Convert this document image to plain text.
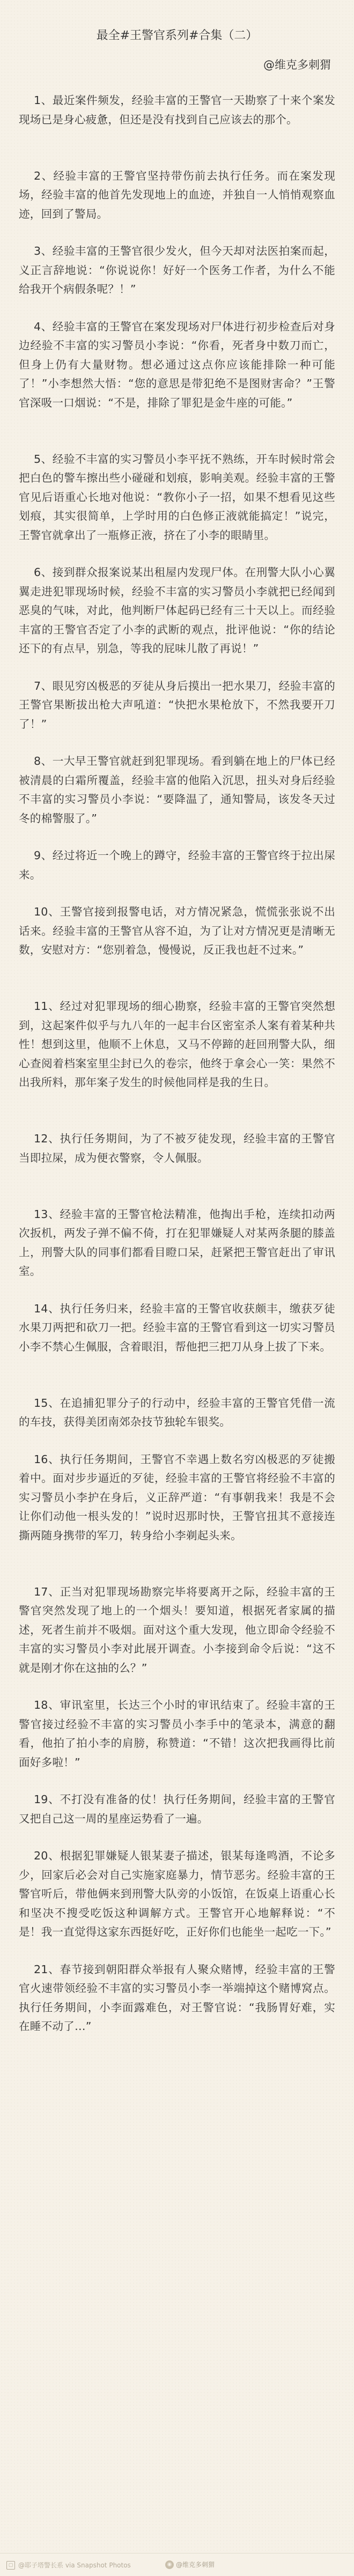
最全#王警官系列#合集（二）
@维克多刺猬

1、最近案件频发，经验丰富的王警官一天勘察了十来个案发现场已是身心疲惫，但还是没有找到自己应该去的那个。

2、经验丰富的王警官坚持带伤前去执行任务。而在案发现场，经验丰富的他首先发现地上的血迹，并独自一人悄悄观察血迹，回到了警局。

3、经验丰富的王警官很少发火，但今天却对法医拍案而起，义正言辞地说：“你说说你！好好一个医务工作者，为什么不能给我开个病假条呢？！”

4、经验丰富的王警官在案发现场对尸体进行初步检查后对身边经验不丰富的实习警员小李说：“你看，死者身中数刀而亡，但身上仍有大量财物。想必通过这点你应该能排除一种可能了！”小李想然大悟：“您的意思是带犯绝不是图财害命？”王警官深吸一口烟说：“不是，排除了罪犯是金牛座的可能。”

5、经验不丰富的实习警员小李平抚不熟练，开车时候时常会把白色的警车擦出些小碰碰和划痕，影响美观。经验丰富的王警官见后语重心长地对他说：“教你小子一招，如果不想看见这些划痕，其实很简单，上学时用的白色修正液就能搞定！”说完，王警官就拿出了一瓶修正液，挤在了小李的眼睛里。

6、接到群众报案说某出租屋内发现尸体。在刑警大队小心翼翼走进犯罪现场时候，经验不丰富的实习警员小李就把已经闻到恶臭的气味，对此，他判断尸体起码已经有三十天以上。而经验丰富的王警官否定了小李的武断的观点，批评他说：“你的结论还下的有点早，别急，等我的屁味儿散了再说！”

7、眼见穷凶极恶的歹徒从身后摸出一把水果刀，经验丰富的王警官果断拔出枪大声吼道：“快把水果枪放下，不然我要开刀了！”

8、一大早王警官就赶到犯罪现场。看到躺在地上的尸体已经被清晨的白霜所覆盖，经验丰富的他陷入沉思，扭头对身后经验不丰富的实习警员小李说：“要降温了，通知警局，该发冬天过冬的棉警服了。”

9、经过将近一个晚上的蹲守，经验丰富的王警官终于拉出屎来。

10、王警官接到报警电话，对方情况紧急，慌慌张张说不出话来。经验丰富的王警官从容不迫，为了让对方情况更是清晰无数，安慰对方：“您别着急，慢慢说，反正我也赶不过来。”

11、经过对犯罪现场的细心勘察，经验丰富的王警官突然想到，这起案件似乎与九八年的一起丰台区密室杀人案有着某种共性！想到这里，他顺不上休息，又马不停蹄的赶回刑警大队，细心查阅着档案室里尘封已久的卷宗，他终于拿会心一笑：果然不出我所料，那年案子发生的时候他同样是我的生日。

12、执行任务期间，为了不被歹徒发现，经验丰富的王警官当即拉屎，成为便衣警察，令人佩服。

13、经验丰富的王警官枪法精准，他掏出手枪，连续扣动两次扳机，两发子弹不偏不倚，打在犯罪嫌疑人对某两条腿的膝盖上，刑警大队的同事们都看目瞪口呆，赶紧把王警官赶出了审讯室。

14、执行任务归来，经验丰富的王警官收获颇丰，缴获歹徒水果刀两把和砍刀一把。经验丰富的王警官看到这一切实习警员小李不禁心生佩服，含着眼泪，帮他把三把刀从身上拔了下来。

15、在追捕犯罪分子的行动中，经验丰富的王警官凭借一流的车技，获得美团南郊杂技节独轮车银奖。

16、执行任务期间，王警官不幸遇上数名穷凶极恶的歹徒搬着中。面对步步逼近的歹徒，经验丰富的王警官将经验不丰富的实习警员小李护在身后，义正辞严道：“有事朝我来！我是不会让你们动他一根头发的！”说时迟那时快，王警官扭其不意接连撕两随身携带的军刀，转身给小李剃起头来。

17、正当对犯罪现场勘察完毕将要离开之际，经验丰富的王警官突然发现了地上的一个烟头！要知道，根据死者家属的描述，死者生前并不吸烟。面对这个重大发现，他立即命令经验不丰富的实习警员小李对此展开调查。小李接到命令后说：“这不就是刚才你在这抽的么？”

18、审讯室里，长达三个小时的审讯结束了。经验丰富的王警官接过经验不丰富的实习警员小李手中的笔录本，满意的翻看，他拍了拍小李的肩膀，称赞道：“不错！这次把我画得比前面好多啦！”

19、不打没有准备的仗！执行任务期间，经验丰富的王警官又把自己这一周的星座运势看了一遍。

20、根据犯罪嫌疑人银某妻子描述，银某每逢鸣酒，不论多少，回家后必会对自己实施家庭暴力，情节恶劣。经验丰富的王警官听后，带他俩来到刑警大队旁的小饭馆，在饭桌上语重心长和坚决不搜受吃饭这种调解方式。王警官开心地解释说：“不是！我一直觉得这家东西挺好吃，正好你们也能坐一起吃一下。”

21、春节接到朝阳群众举报有人聚众赌博，经验丰富的王警官火速带领经验不丰富的实习警员小李一举端掉这个赌博窝点。执行任务期间，小李面露难色，对王警官说：“我肠胃好难，实在睡不动了…”

▢ @耶子塔警长系 via Snapshot Photos	◉ @维克多刺猬
